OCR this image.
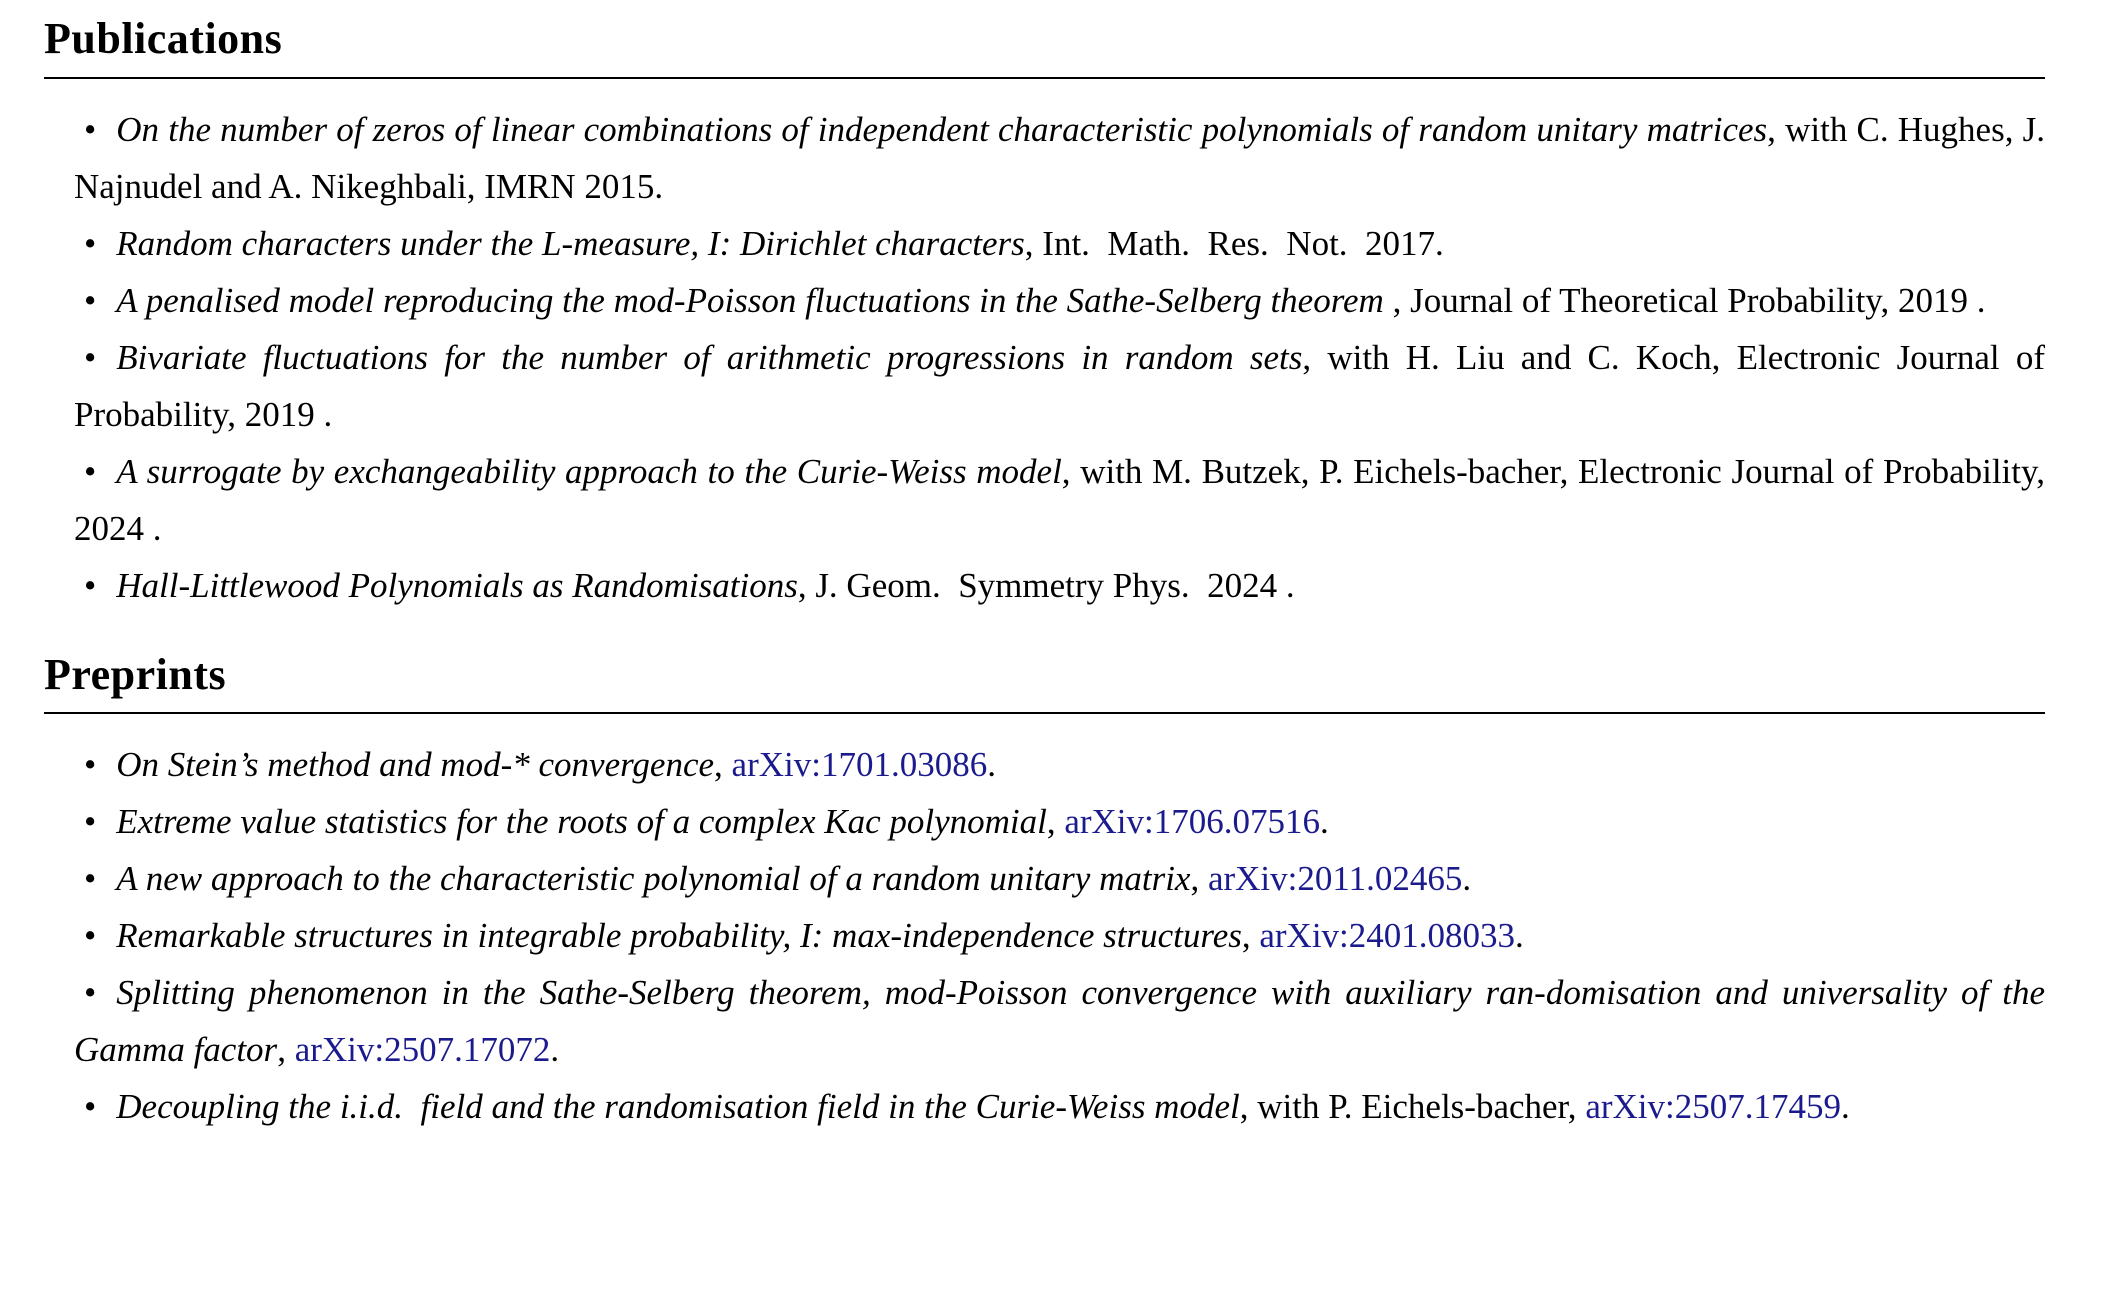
Publications

• On the number of zeros of linear combinations of independent characteristic polynomials of random unitary matrices, with C. Hughes, J. Najnudel and A. Nikeghbali, IMRN 2015.

• Random characters under the L-measure, I: Dirichlet characters, Int. Math. Res. Not. 2017.

• A penalised model reproducing the mod-Poisson fluctuations in the Sathe-Selberg theorem , Journal of Theoretical Probability, 2019 .

• Bivariate fluctuations for the number of arithmetic progressions in random sets, with H. Liu and C. Koch, Electronic Journal of Probability, 2019 .

• A surrogate by exchangeability approach to the Curie-Weiss model, with M. Butzek, P. Eichels-bacher, Electronic Journal of Probability, 2024 .

• Hall-Littlewood Polynomials as Randomisations, J. Geom. Symmetry Phys. 2024 .

Preprints

• On Stein’s method and mod-* convergence, arXiv:1701.03086.

• Extreme value statistics for the roots of a complex Kac polynomial, arXiv:1706.07516.

• A new approach to the characteristic polynomial of a random unitary matrix, arXiv:2011.02465.

• Remarkable structures in integrable probability, I: max-independence structures, arXiv:2401.08033.

• Splitting phenomenon in the Sathe-Selberg theorem, mod-Poisson convergence with auxiliary ran-domisation and universality of the Gamma factor, arXiv:2507.17072.

• Decoupling the i.i.d. field and the randomisation field in the Curie-Weiss model, with P. Eichels-bacher, arXiv:2507.17459.
